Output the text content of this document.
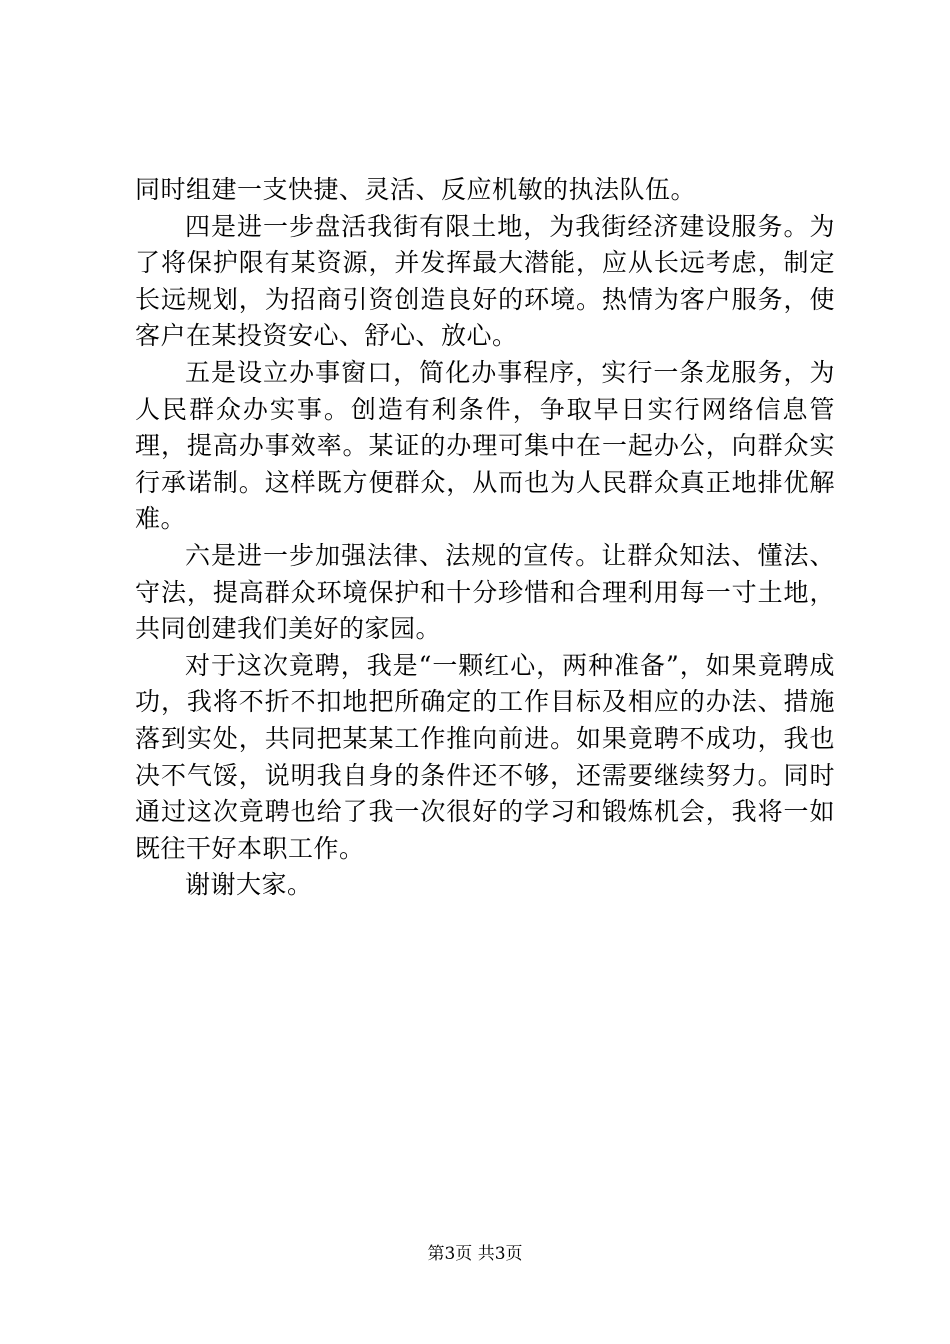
同时组建一支快捷、灵活、反应机敏的执法队伍。

四是进一步盘活我街有限土地，为我街经济建设服务。为了将保护限有某资源，并发挥最大潜能，应从长远考虑，制定长远规划，为招商引资创造良好的环境。热情为客户服务，使客户在某投资安心、舒心、放心。

五是设立办事窗口，简化办事程序，实行一条龙服务，为人民群众办实事。创造有利条件，争取早日实行网络信息管理，提高办事效率。某证的办理可集中在一起办公，向群众实行承诺制。这样既方便群众，从而也为人民群众真正地排优解难。

六是进一步加强法律、法规的宣传。让群众知法、懂法、守法，提高群众环境保护和十分珍惜和合理利用每一寸土地，共同创建我们美好的家园。

对于这次竟聘，我是“一颗红心，两种准备”，如果竟聘成功，我将不折不扣地把所确定的工作目标及相应的办法、措施落到实处，共同把某某工作推向前进。如果竟聘不成功，我也决不气馁，说明我自身的条件还不够，还需要继续努力。同时通过这次竟聘也给了我一次很好的学习和锻炼机会，我将一如既往干好本职工作。

谢谢大家。

第3页 共3页
